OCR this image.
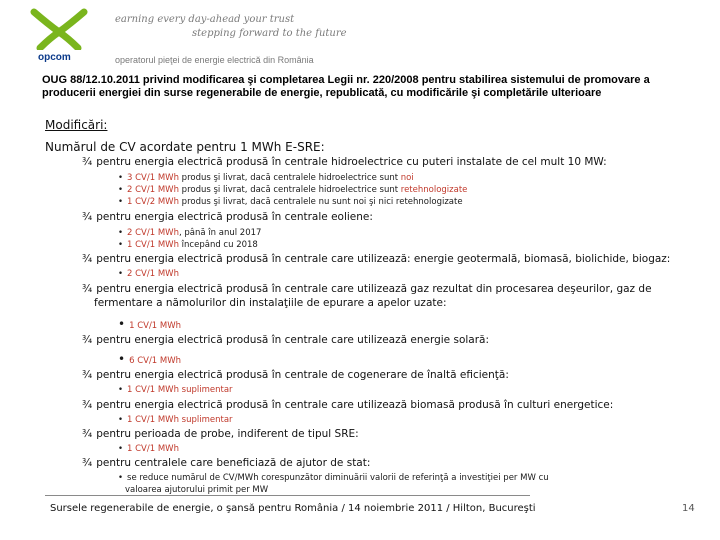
opcom
earning every day-ahead your trust
stepping forward to the future
operatorul pieţei de energie electrică din România
OUG 88/12.10.2011 privind modificarea şi completarea Legii nr. 220/2008 pentru stabilirea sistemului de promovare a producerii energiei din surse regenerabile de energie, republicată, cu modificările şi completările ulterioare
Modificări:
Numărul de CV acordate pentru 1 MWh E-SRE:
¾ pentru energia electrică produsă în centrale hidroelectrice cu puteri instalate de cel mult 10 MW:
• 3 CV/1 MWh produs şi livrat, dacă centralele hidroelectrice sunt noi
• 2 CV/1 MWh produs şi livrat, dacă centralele hidroelectrice sunt retehnologizate
• 1 CV/2 MWh produs şi livrat, dacă centralele nu sunt noi şi nici retehnologizate
¾ pentru energia electrică produsă în centrale eoliene:
• 2 CV/1 MWh, până în anul 2017
• 1 CV/1 MWh începând cu 2018
¾ pentru energia electrică produsă în centrale care utilizează: energie geotermală, biomasă, biolichide, biogaz:
• 2 CV/1 MWh
¾ pentru energia electrică produsă în centrale care utilizează gaz rezultat din procesarea deşeurilor, gaz de
fermentare a nămolurilor din instalaţiile de epurare a apelor uzate:
• 1 CV/1 MWh
¾ pentru energia electrică produsă în centrale care utilizează energie solară:
• 6 CV/1 MWh
¾ pentru energia electrică produsă în centrale de cogenerare de înaltă eficienţă:
• 1 CV/1 MWh suplimentar
¾ pentru energia electrică produsă în centrale care utilizează biomasă produsă în culturi energetice:
• 1 CV/1 MWh suplimentar
¾ pentru perioada de probe, indiferent de tipul SRE:
• 1 CV/1 MWh
¾ pentru centralele care beneficiază de ajutor de stat:
• se reduce numărul de CV/MWh corespunzător diminuării valorii de referinţă a investiţiei per MW cu
valoarea ajutorului primit per MW
Sursele regenerabile de energie, o şansă pentru România / 14 noiembrie 2011 / Hilton, Bucureşti	14
